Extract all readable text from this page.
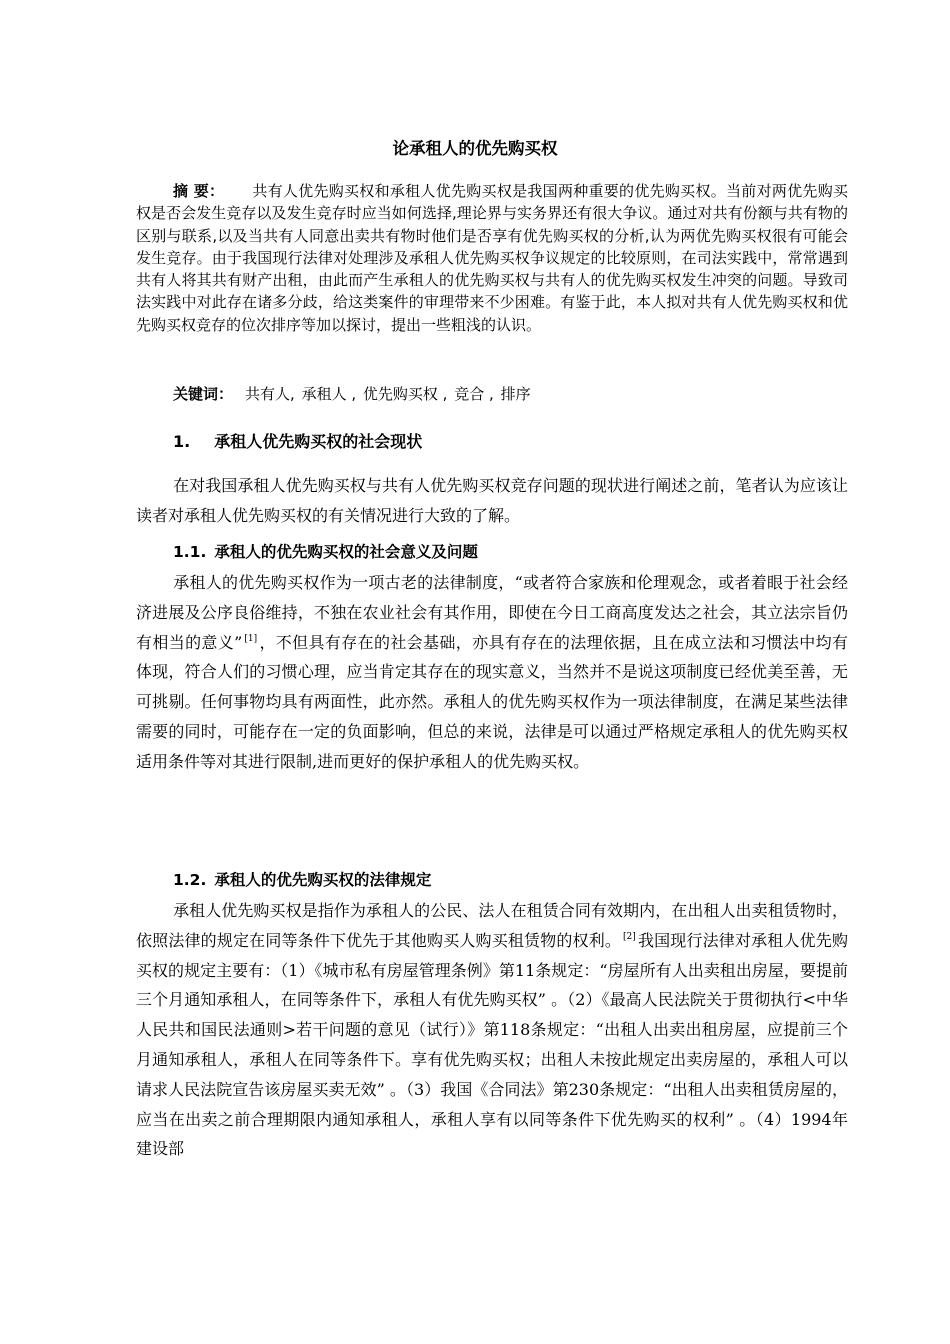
论承租人的优先购买权
摘 要： 共有人优先购买权和承租人优先购买权是我国两种重要的优先购买权。当前对两优先购买权是否会发生竞存以及发生竞存时应当如何选择,理论界与实务界还有很大争议。通过对共有份额与共有物的区别与联系,以及当共有人同意出卖共有物时他们是否享有优先购买权的分析,认为两优先购买权很有可能会发生竞存。由于我国现行法律对处理涉及承租人优先购买权争议规定的比较原则，在司法实践中，常常遇到共有人将其共有财产出租，由此而产生承租人的优先购买权与共有人的优先购买权发生冲突的问题。导致司法实践中对此存在诸多分歧，给这类案件的审理带来不少困难。有鉴于此，本人拟对共有人优先购买权和优先购买权竞存的位次排序等加以探讨，提出一些粗浅的认识。
关键词： 共有人, 承租人 , 优先购买权 , 竞合 , 排序
1. 承租人优先购买权的社会现状
在对我国承租人优先购买权与共有人优先购买权竞存问题的现状进行阐述之前，笔者认为应该让读者对承租人优先购买权的有关情况进行大致的了解。
1.1. 承租人的优先购买权的社会意义及问题
承租人的优先购买权作为一项古老的法律制度，“或者符合家族和伦理观念，或者着眼于社会经济进展及公序良俗维持，不独在农业社会有其作用，即使在今日工商高度发达之社会，其立法宗旨仍有相当的意义” [1] ，不但具有存在的社会基础，亦具有存在的法理依据，且在成立法和习惯法中均有体现，符合人们的习惯心理，应当肯定其存在的现实意义，当然并不是说这项制度已经优美至善，无可挑剔。任何事物均具有两面性，此亦然。承租人的优先购买权作为一项法律制度，在满足某些法律需要的同时，可能存在一定的负面影响，但总的来说，法律是可以通过严格规定承租人的优先购买权适用条件等对其进行限制,进而更好的保护承租人的优先购买权。
1.2. 承租人的优先购买权的法律规定
承租人优先购买权是指作为承租人的公民、法人在租赁合同有效期内，在出租人出卖租赁物时，依照法律的规定在同等条件下优先于其他购买人购买租赁物的权利。 [2] 我国现行法律对承租人优先购买权的规定主要有：（1）《城市私有房屋管理条例》第11条规定：“房屋所有人出卖租出房屋，要提前三个月通知承租人，在同等条件下，承租人有优先购买权” 。（2）《最高人民法院关于贯彻执行<中华人民共和国民法通则>若干问题的意见（试行）》第118条规定：“出租人出卖出租房屋，应提前三个月通知承租人，承租人在同等条件下。享有优先购买权；出租人未按此规定出卖房屋的，承租人可以请求人民法院宣告该房屋买卖无效” 。（3）我国《合同法》第230条规定：“出租人出卖租赁房屋的，应当在出卖之前合理期限内通知承租人，承租人享有以同等条件下优先购买的权利” 。（4）1994年建设部
